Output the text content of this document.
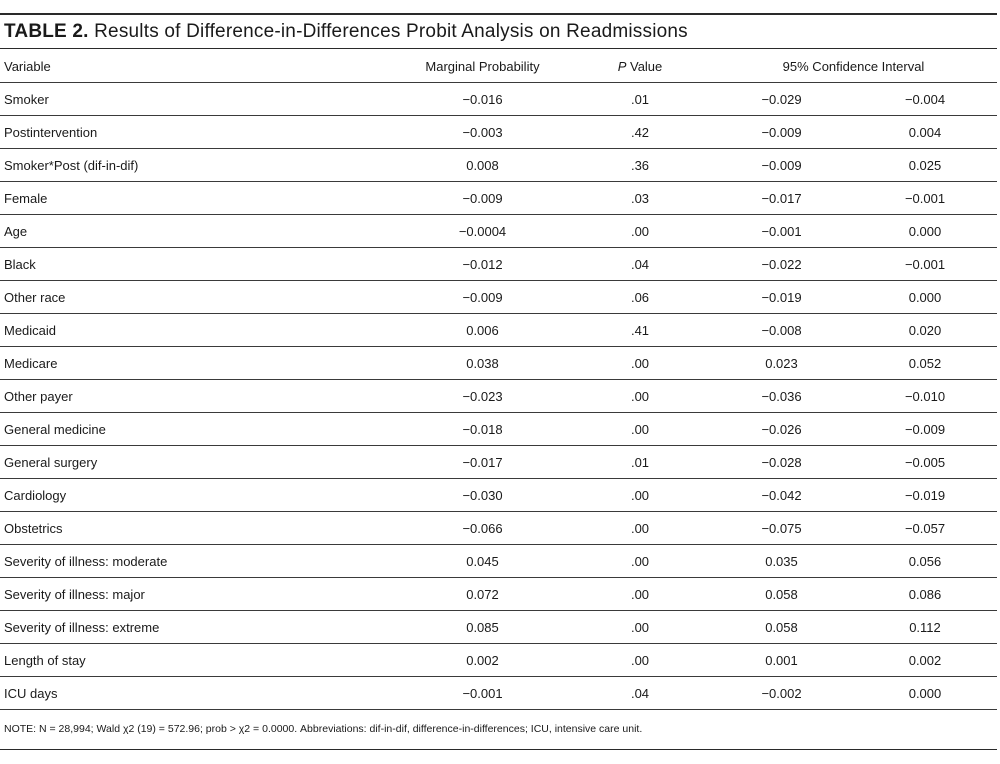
TABLE 2. Results of Difference-in-Differences Probit Analysis on Readmissions
Variable	Marginal Probability	P Value	95% Confidence Interval	
Smoker	−0.016	.01	−0.029	−0.004
Postintervention	−0.003	.42	−0.009	0.004
Smoker*Post (dif-in-dif)	0.008	.36	−0.009	0.025
Female	−0.009	.03	−0.017	−0.001
Age	−0.0004	.00	−0.001	0.000
Black	−0.012	.04	−0.022	−0.001
Other race	−0.009	.06	−0.019	0.000
Medicaid	0.006	.41	−0.008	0.020
Medicare	0.038	.00	0.023	0.052
Other payer	−0.023	.00	−0.036	−0.010
General medicine	−0.018	.00	−0.026	−0.009
General surgery	−0.017	.01	−0.028	−0.005
Cardiology	−0.030	.00	−0.042	−0.019
Obstetrics	−0.066	.00	−0.075	−0.057
Severity of illness: moderate	0.045	.00	0.035	0.056
Severity of illness: major	0.072	.00	0.058	0.086
Severity of illness: extreme	0.085	.00	0.058	0.112
Length of stay	0.002	.00	0.001	0.002
ICU days	−0.001	.04	−0.002	0.000
NOTE: N = 28,994; Wald χ2 (19) = 572.96; prob > χ2 = 0.0000. Abbreviations: dif-in-dif, difference-in-differences; ICU, intensive care unit.
